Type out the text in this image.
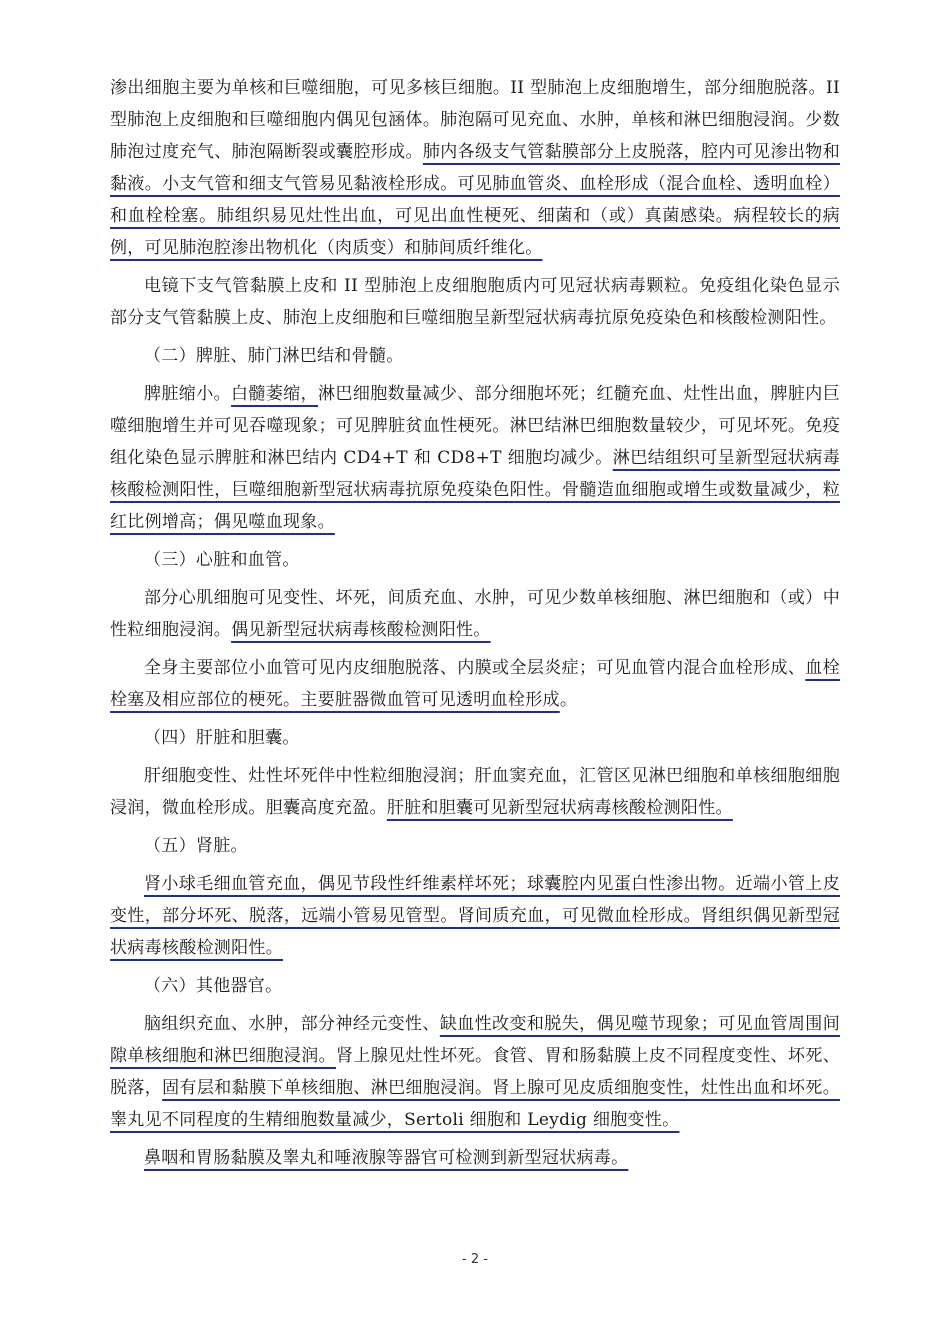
渗出细胞主要为单核和巨噬细胞，可见多核巨细胞。II 型肺泡上皮细胞增生，部分细胞脱落。II 型肺泡上皮细胞和巨噬细胞内偶见包涵体。肺泡隔可见充血、水肿，单核和淋巴细胞浸润。少数肺泡过度充气、肺泡隔断裂或囊腔形成。肺内各级支气管黏膜部分上皮脱落，腔内可见渗出物和黏液。小支气管和细支气管易见黏液栓形成。可见肺血管炎、血栓形成（混合血栓、透明血栓）和血栓栓塞。肺组织易见灶性出血，可见出血性梗死、细菌和（或）真菌感染。病程较长的病例，可见肺泡腔渗出物机化（肉质变）和肺间质纤维化。

电镜下支气管黏膜上皮和 II 型肺泡上皮细胞胞质内可见冠状病毒颗粒。免疫组化染色显示部分支气管黏膜上皮、肺泡上皮细胞和巨噬细胞呈新型冠状病毒抗原免疫染色和核酸检测阳性。

（二）脾脏、肺门淋巴结和骨髓。

脾脏缩小。白髓萎缩，淋巴细胞数量减少、部分细胞坏死；红髓充血、灶性出血，脾脏内巨噬细胞增生并可见吞噬现象；可见脾脏贫血性梗死。淋巴结淋巴细胞数量较少，可见坏死。免疫组化染色显示脾脏和淋巴结内 CD4+T 和 CD8+T 细胞均减少。淋巴结组织可呈新型冠状病毒核酸检测阳性，巨噬细胞新型冠状病毒抗原免疫染色阳性。骨髓造血细胞或增生或数量减少，粒红比例增高；偶见噬血现象。

（三）心脏和血管。

部分心肌细胞可见变性、坏死，间质充血、水肿，可见少数单核细胞、淋巴细胞和（或）中性粒细胞浸润。偶见新型冠状病毒核酸检测阳性。

全身主要部位小血管可见内皮细胞脱落、内膜或全层炎症；可见血管内混合血栓形成、血栓栓塞及相应部位的梗死。主要脏器微血管可见透明血栓形成。

（四）肝脏和胆囊。

肝细胞变性、灶性坏死伴中性粒细胞浸润；肝血窦充血，汇管区见淋巴细胞和单核细胞细胞浸润，微血栓形成。胆囊高度充盈。肝脏和胆囊可见新型冠状病毒核酸检测阳性。

（五）肾脏。

肾小球毛细血管充血，偶见节段性纤维素样坏死；球囊腔内见蛋白性渗出物。近端小管上皮变性，部分坏死、脱落，远端小管易见管型。肾间质充血，可见微血栓形成。肾组织偶见新型冠状病毒核酸检测阳性。

（六）其他器官。

脑组织充血、水肿，部分神经元变性、缺血性改变和脱失，偶见噬节现象；可见血管周围间隙单核细胞和淋巴细胞浸润。肾上腺见灶性坏死。食管、胃和肠黏膜上皮不同程度变性、坏死、脱落，固有层和黏膜下单核细胞、淋巴细胞浸润。肾上腺可见皮质细胞变性，灶性出血和坏死。睾丸见不同程度的生精细胞数量减少，Sertoli 细胞和 Leydig 细胞变性。

鼻咽和胃肠黏膜及睾丸和唾液腺等器官可检测到新型冠状病毒。

- 2 -
